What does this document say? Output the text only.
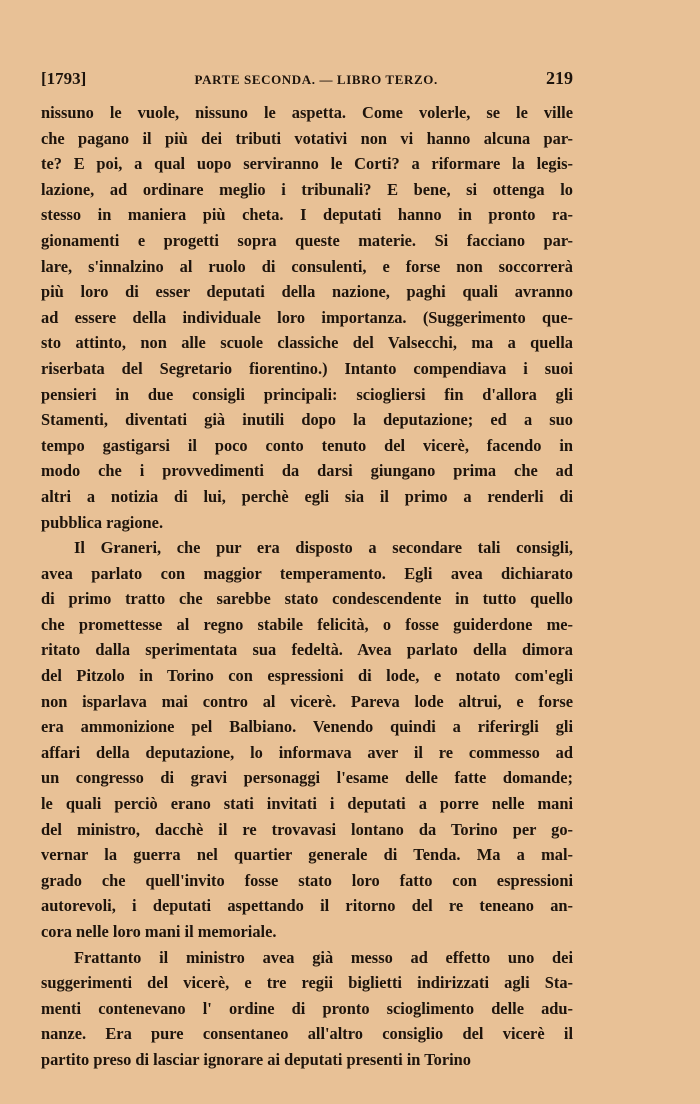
[1793]	PARTE SECONDA. — LIBRO TERZO.	219
nissuno le vuole, nissuno le aspetta. Come volerle, se le ville
che pagano il più dei tributi votativi non vi hanno alcuna par-
te? E poi, a qual uopo serviranno le Corti? a riformare la legis-
lazione, ad ordinare meglio i tribunali? E bene, si ottenga lo
stesso in maniera più cheta. I deputati hanno in pronto ra-
gionamenti e progetti sopra queste materie. Si facciano par-
lare, s'innalzino al ruolo di consulenti, e forse non soccorrerà
più loro di esser deputati della nazione, paghi quali avranno
ad essere della individuale loro importanza. (Suggerimento que-
sto attinto, non alle scuole classiche del Valsecchi, ma a quella
riserbata del Segretario fiorentino.) Intanto compendiava i suoi
pensieri in due consigli principali: sciogliersi fin d'allora gli
Stamenti, diventati già inutili dopo la deputazione; ed a suo
tempo gastigarsi il poco conto tenuto del vicerè, facendo in
modo che i provvedimenti da darsi giungano prima che ad
altri a notizia di lui, perchè egli sia il primo a renderli di
pubblica ragione.
Il Graneri, che pur era disposto a secondare tali consigli,
avea parlato con maggior temperamento. Egli avea dichiarato
di primo tratto che sarebbe stato condescendente in tutto quello
che promettesse al regno stabile felicità, o fosse guiderdone me-
ritato dalla sperimentata sua fedeltà. Avea parlato della dimora
del Pitzolo in Torino con espressioni di lode, e notato com'egli
non isparlava mai contro al vicerè. Pareva lode altrui, e forse
era ammonizione pel Balbiano. Venendo quindi a riferirgli gli
affari della deputazione, lo informava aver il re commesso ad
un congresso di gravi personaggi l'esame delle fatte domande;
le quali perciò erano stati invitati i deputati a porre nelle mani
del ministro, dacchè il re trovavasi lontano da Torino per go-
vernar la guerra nel quartier generale di Tenda. Ma a mal-
grado che quell'invito fosse stato loro fatto con espressioni
autorevoli, i deputati aspettando il ritorno del re teneano an-
cora nelle loro mani il memoriale.
Frattanto il ministro avea già messo ad effetto uno dei
suggerimenti del vicerè, e tre regii biglietti indirizzati agli Sta-
menti contenevano l' ordine di pronto scioglimento delle adu-
nanze. Era pure consentaneo all'altro consiglio del vicerè il
partito preso di lasciar ignorare ai deputati presenti in Torino
